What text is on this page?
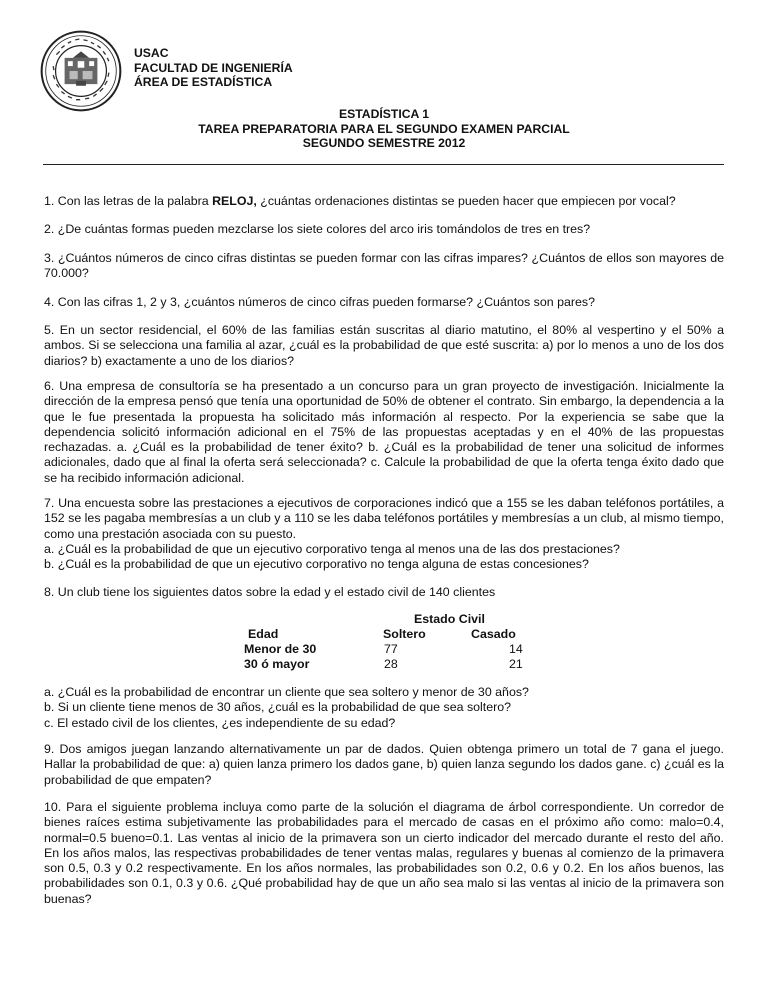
USAC
FACULTAD DE INGENIERÍA
ÁREA DE ESTADÍSTICA
ESTADÍSTICA 1
TAREA PREPARATORIA PARA EL SEGUNDO EXAMEN PARCIAL
SEGUNDO SEMESTRE 2012

1. Con las letras de la palabra RELOJ, ¿cuántas ordenaciones distintas se pueden hacer que empiecen por vocal?

2. ¿De cuántas formas pueden mezclarse los siete colores del arco iris tomándolos de tres en tres?

3. ¿Cuántos números de cinco cifras distintas se pueden formar con las cifras impares? ¿Cuántos de ellos son mayores de 70.000?

4. Con las cifras 1, 2 y 3, ¿cuántos números de cinco cifras pueden formarse? ¿Cuántos son pares?

5. En un sector residencial, el 60% de las familias están suscritas al diario matutino, el 80% al vespertino y el 50% a ambos. Si se selecciona una familia al azar, ¿cuál es la probabilidad de que esté suscrita: a) por lo menos a uno de los dos diarios? b) exactamente a uno de los diarios?

6. Una empresa de consultoría se ha presentado a un concurso para un gran proyecto de investigación. Inicialmente la dirección de la empresa pensó que tenía una oportunidad de 50% de obtener el contrato. Sin embargo, la dependencia a la que le fue presentada la propuesta ha solicitado más información al respecto. Por la experiencia se sabe que la dependencia solicitó información adicional en el 75% de las propuestas aceptadas y en el 40% de las propuestas rechazadas. a. ¿Cuál es la probabilidad de tener éxito? b. ¿Cuál es la probabilidad de tener una solicitud de informes adicionales, dado que al final la oferta será seleccionada? c. Calcule la probabilidad de que la oferta tenga éxito dado que se ha recibido información adicional.

7. Una encuesta sobre las prestaciones a ejecutivos de corporaciones indicó que a 155 se les daban teléfonos portátiles, a 152 se les pagaba membresías a un club y a 110 se les daba teléfonos portátiles y membresías a un club, al mismo tiempo, como una prestación asociada con su puesto.

a. ¿Cuál es la probabilidad de que un ejecutivo corporativo tenga al menos una de las dos prestaciones?

b. ¿Cuál es la probabilidad de que un ejecutivo corporativo no tenga alguna de estas concesiones?

8. Un club tiene los siguientes datos sobre la edad y el estado civil de 140 clientes

Estado Civil
Edad	Soltero	Casado
Menor de 30	77	14
30 ó mayor	28	21

a. ¿Cuál es la probabilidad de encontrar un cliente que sea soltero y menor de 30 años?

b. Si un cliente tiene menos de 30 años, ¿cuál es la probabilidad de que sea soltero?

c. El estado civil de los clientes, ¿es independiente de su edad?

9. Dos amigos juegan lanzando alternativamente un par de dados. Quien obtenga primero un total de 7 gana el juego. Hallar la probabilidad de que: a) quien lanza primero los dados gane, b) quien lanza segundo los dados gane. c) ¿cuál es la probabilidad de que empaten?

10. Para el siguiente problema incluya como parte de la solución el diagrama de árbol correspondiente. Un corredor de bienes raíces estima subjetivamente las probabilidades para el mercado de casas en el próximo año como: malo=0.4, normal=0.5 bueno=0.1. Las ventas al inicio de la primavera son un cierto indicador del mercado durante el resto del año. En los años malos, las respectivas probabilidades de tener ventas malas, regulares y buenas al comienzo de la primavera son 0.5, 0.3 y 0.2 respectivamente. En los años normales, las probabilidades son 0.2, 0.6 y 0.2. En los años buenos, las probabilidades son 0.1, 0.3 y 0.6. ¿Qué probabilidad hay de que un año sea malo si las ventas al inicio de la primavera son buenas?
